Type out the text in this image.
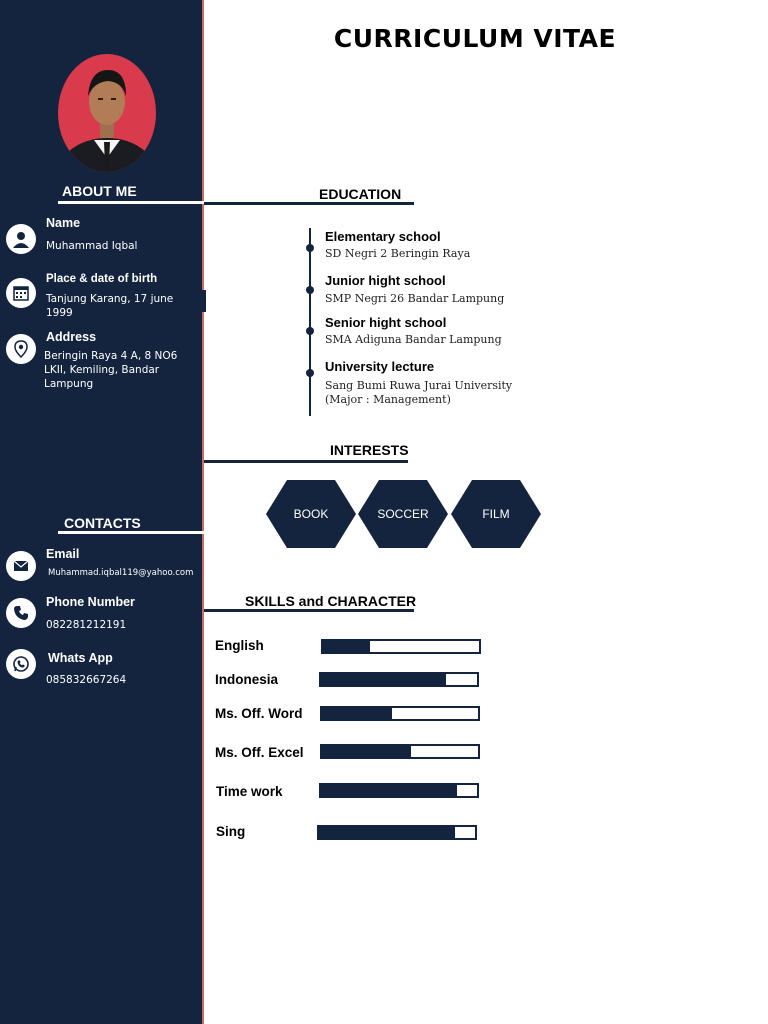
ABOUT ME
Name
Muhammad Iqbal
Place & date of birth
Tanjung Karang, 17 june 1999
Address
Beringin Raya 4 A, 8 NO6
LKII, Kemiling, Bandar
Lampung
CONTACTS
Email
Muhammad.iqbal119@yahoo.com
Phone Number
082281212191
Whats App
085832667264
CURRICULUM VITAE
EDUCATION
Elementary school
SD Negri 2 Beringin Raya
Junior hight school
SMP Negri 26 Bandar Lampung
Senior hight school
SMA Adiguna Bandar Lampung
University lecture
Sang Bumi Ruwa Jurai University
(Major : Management)
INTERESTS
BOOK	SOCCER	FILM
SKILLS and CHARACTER
English
Indonesia
Ms. Off. Word
Ms. Off. Excel
Time work
Sing
